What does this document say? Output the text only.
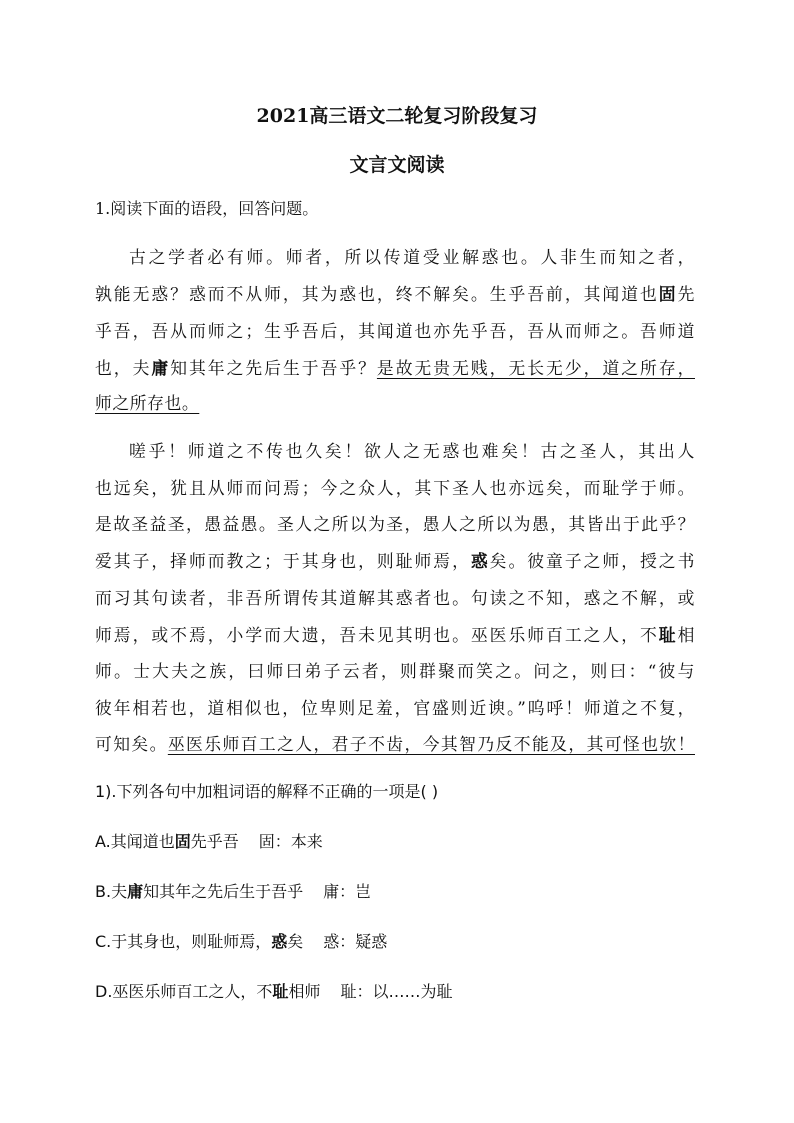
2021高三语文二轮复习阶段复习
文言文阅读
1.阅读下面的语段，回答问题。
古之学者必有师。师者，所以传道受业解惑也。人非生而知之者，
孰能无惑？惑而不从师，其为惑也，终不解矣。生乎吾前，其闻道也固先
乎吾，吾从而师之；生乎吾后，其闻道也亦先乎吾，吾从而师之。吾师道
也，夫庸知其年之先后生于吾乎？是故无贵无贱，无长无少，道之所存，
师之所存也。
嗟乎！师道之不传也久矣！欲人之无惑也难矣！古之圣人，其出人
也远矣，犹且从师而问焉；今之众人，其下圣人也亦远矣，而耻学于师。
是故圣益圣，愚益愚。圣人之所以为圣，愚人之所以为愚，其皆出于此乎？
爱其子，择师而教之；于其身也，则耻师焉，惑矣。彼童子之师，授之书
而习其句读者，非吾所谓传其道解其惑者也。句读之不知，惑之不解，或
师焉，或不焉，小学而大遗，吾未见其明也。巫医乐师百工之人，不耻相
师。士大夫之族，曰师曰弟子云者，则群聚而笑之。问之，则曰：“彼与
彼年相若也，道相似也，位卑则足羞，官盛则近谀。”呜呼！师道之不复，
可知矣。巫医乐师百工之人，君子不齿，今其智乃反不能及，其可怪也欤！
1).下列各句中加粗词语的解释不正确的一项是( )
A.其闻道也固先乎吾 固：本来
B.夫庸知其年之先后生于吾乎 庸：岂
C.于其身也，则耻师焉，惑矣 惑：疑惑
D.巫医乐师百工之人，不耻相师 耻：以……为耻
